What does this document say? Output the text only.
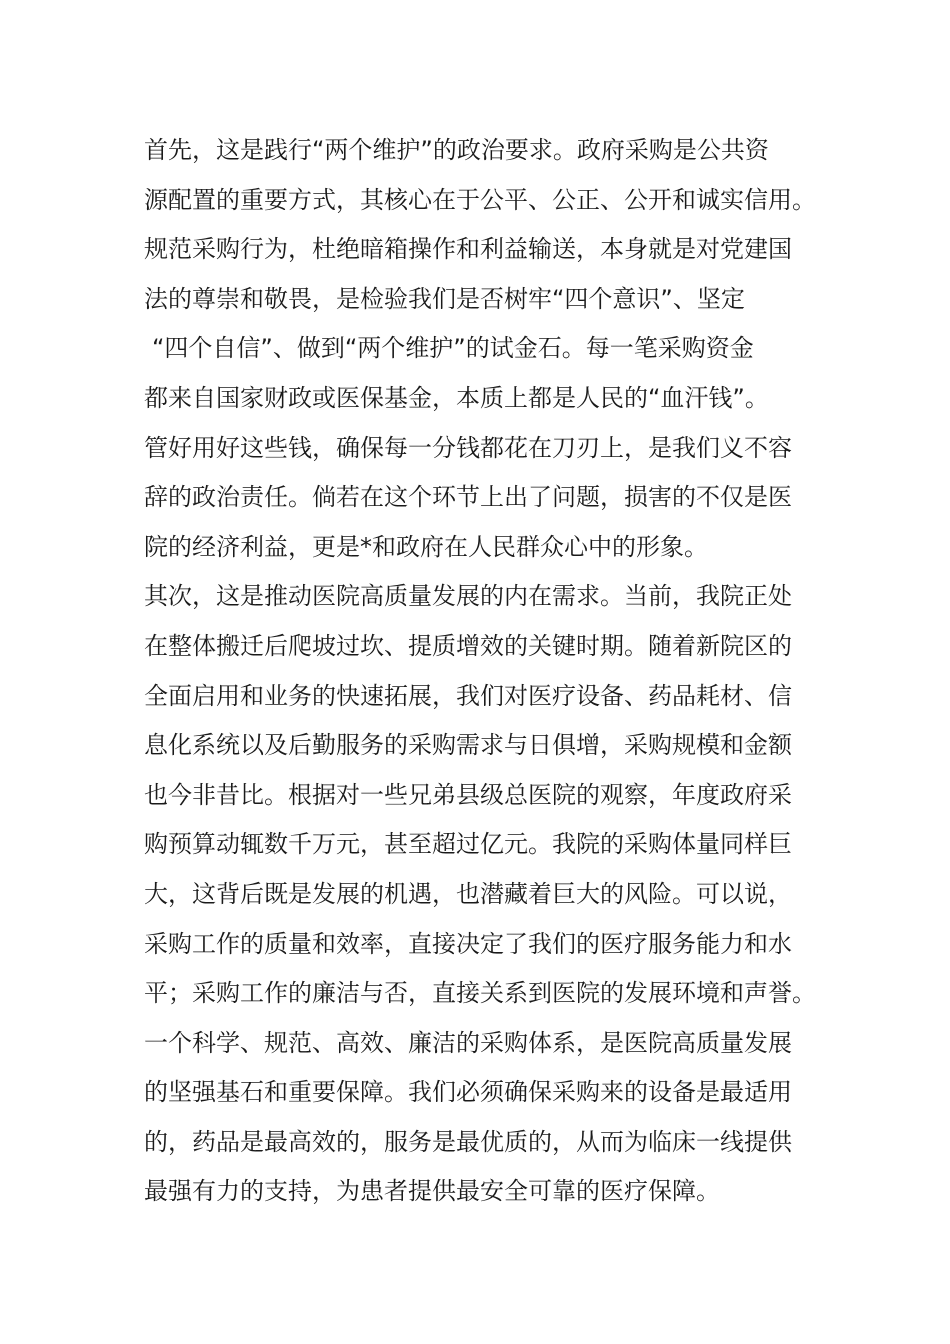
首先，这是践行“两个维护”的政治要求。政府采购是公共资
源配置的重要方式，其核心在于公平、公正、公开和诚实信用。
规范采购行为，杜绝暗箱操作和利益输送，本身就是对党建国
法的尊崇和敬畏，是检验我们是否树牢“四个意识”、坚定
“四个自信”、做到“两个维护”的试金石。每一笔采购资金
都来自国家财政或医保基金，本质上都是人民的“血汗钱”。
管好用好这些钱，确保每一分钱都花在刀刃上，是我们义不容
辞的政治责任。倘若在这个环节上出了问题，损害的不仅是医
院的经济利益，更是*和政府在人民群众心中的形象。
其次，这是推动医院高质量发展的内在需求。当前，我院正处
在整体搬迁后爬坡过坎、提质增效的关键时期。随着新院区的
全面启用和业务的快速拓展，我们对医疗设备、药品耗材、信
息化系统以及后勤服务的采购需求与日俱增，采购规模和金额
也今非昔比。根据对一些兄弟县级总医院的观察，年度政府采
购预算动辄数千万元，甚至超过亿元。我院的采购体量同样巨
大，这背后既是发展的机遇，也潜藏着巨大的风险。可以说，
采购工作的质量和效率，直接决定了我们的医疗服务能力和水
平；采购工作的廉洁与否，直接关系到医院的发展环境和声誉。
一个科学、规范、高效、廉洁的采购体系，是医院高质量发展
的坚强基石和重要保障。我们必须确保采购来的设备是最适用
的，药品是最高效的，服务是最优质的，从而为临床一线提供
最强有力的支持，为患者提供最安全可靠的医疗保障。
